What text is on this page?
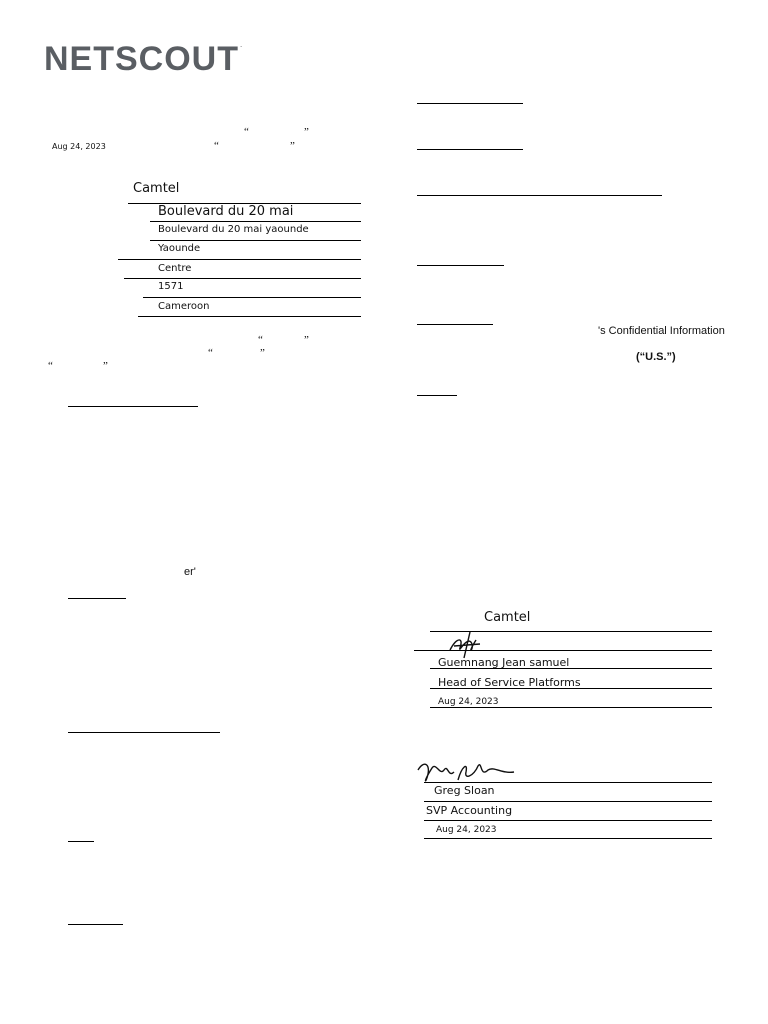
NETSCOUT.
“	”
Aug 24, 2023	“	”
Camtel
Boulevard du 20 mai
Boulevard du 20 mai yaounde
Yaounde
Centre
1571
Cameroon
“	”
“	”
“	”
er'
's Confidential Information
(“U.S.”)
Camtel
Guemnang Jean samuel
Head of Service Platforms
Aug 24, 2023
Greg Sloan
SVP Accounting
Aug 24, 2023
